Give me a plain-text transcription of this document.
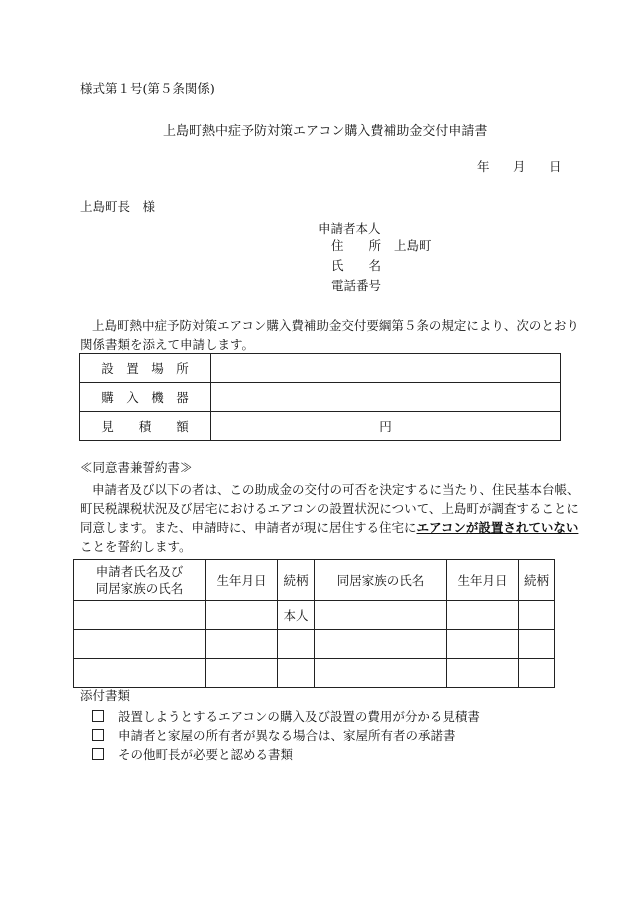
様式第１号(第５条関係)
上島町熱中症予防対策エアコン購入費補助金交付申請書
年 月 日
上島町長　様
申請者本人
住　　所 上島町
氏　　名
電話番号
上島町熱中症予防対策エアコン購入費補助金交付要綱第５条の規定により、次のとおり
関係書類を添えて申請します。
設　置　場　所	
購　入　機　器	
見　　積　　額	円
≪同意書兼誓約書≫
申請者及び以下の者は、この助成金の交付の可否を決定するに当たり、住民基本台帳、
町民税課税状況及び居宅におけるエアコンの設置状況について、上島町が調査することに
同意します。また、申請時に、申請者が現に居住する住宅にエアコンが設置されていない
ことを誓約します。
申請者氏名及び
同居家族の氏名	生年月日	続柄	同居家族の氏名	生年月日	続柄
		本人			

添付書類
設置しようとするエアコンの購入及び設置の費用が分かる見積書
申請者と家屋の所有者が異なる場合は、家屋所有者の承諾書
その他町長が必要と認める書類
